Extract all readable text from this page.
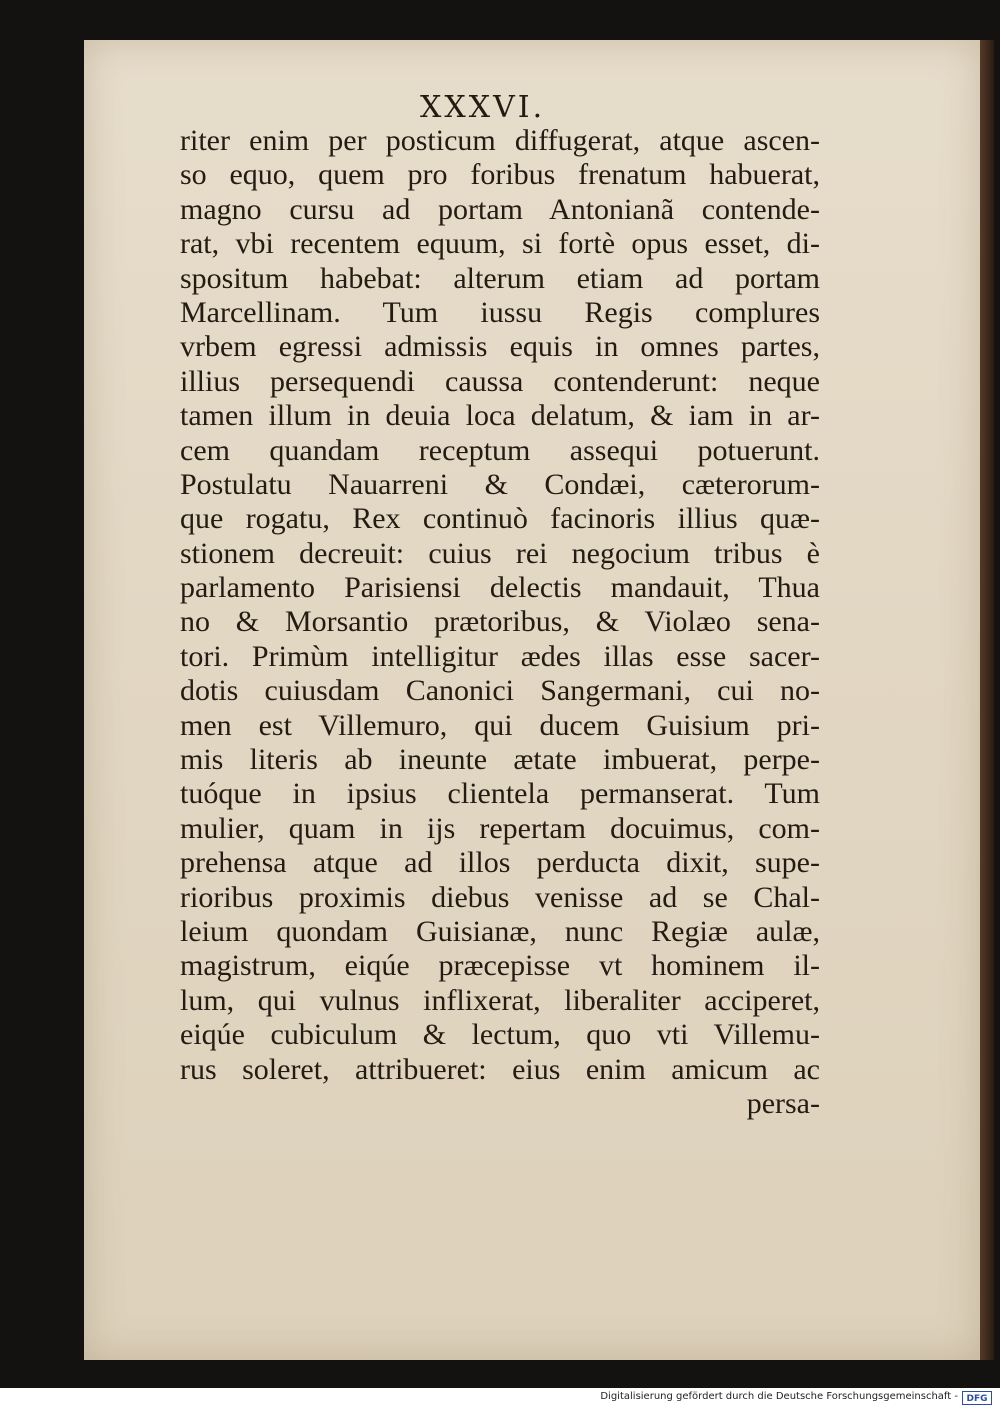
XXXVI.

riter enim per posticum diffugerat, atque ascen-
so equo, quem pro foribus frenatum habuerat,
magno cursu ad portam Antonianã contende-
rat, vbi recentem equum, si fortè opus esset, di-
spositum habebat: alterum etiam ad portam
Marcellinam. Tum iussu Regis complures
vrbem egressi admissis equis in omnes partes,
illius persequendi caussa contenderunt: neque
tamen illum in deuia loca delatum, & iam in ar-
cem quandam receptum assequi potuerunt.
Postulatu Nauarreni & Condæi, cæterorum-
que rogatu, Rex continuò facinoris illius quæ-
stionem decreuit: cuius rei negocium tribus è
parlamento Parisiensi delectis mandauit, Thua
no & Morsantio prætoribus, & Violæo sena-
tori. Primùm intelligitur ædes illas esse sacer-
dotis cuiusdam Canonici Sangermani, cui no-
men est Villemuro, qui ducem Guisium pri-
mis literis ab ineunte ætate imbuerat, perpe-
tuóque in ipsius clientela permanserat. Tum
mulier, quam in ijs repertam docuimus, com-
prehensa atque ad illos perducta dixit, supe-
rioribus proximis diebus venisse ad se Chal-
leium quondam Guisianæ, nunc Regiæ aulæ,
magistrum, eiqúe præcepisse vt hominem il-
lum, qui vulnus inflixerat, liberaliter acciperet,
eiqúe cubiculum & lectum, quo vti Villemu-
rus soleret, attribueret: eius enim amicum ac
persa-
Digitalisierung gefördert durch die Deutsche Forschungsgemeinschaft - DFG
